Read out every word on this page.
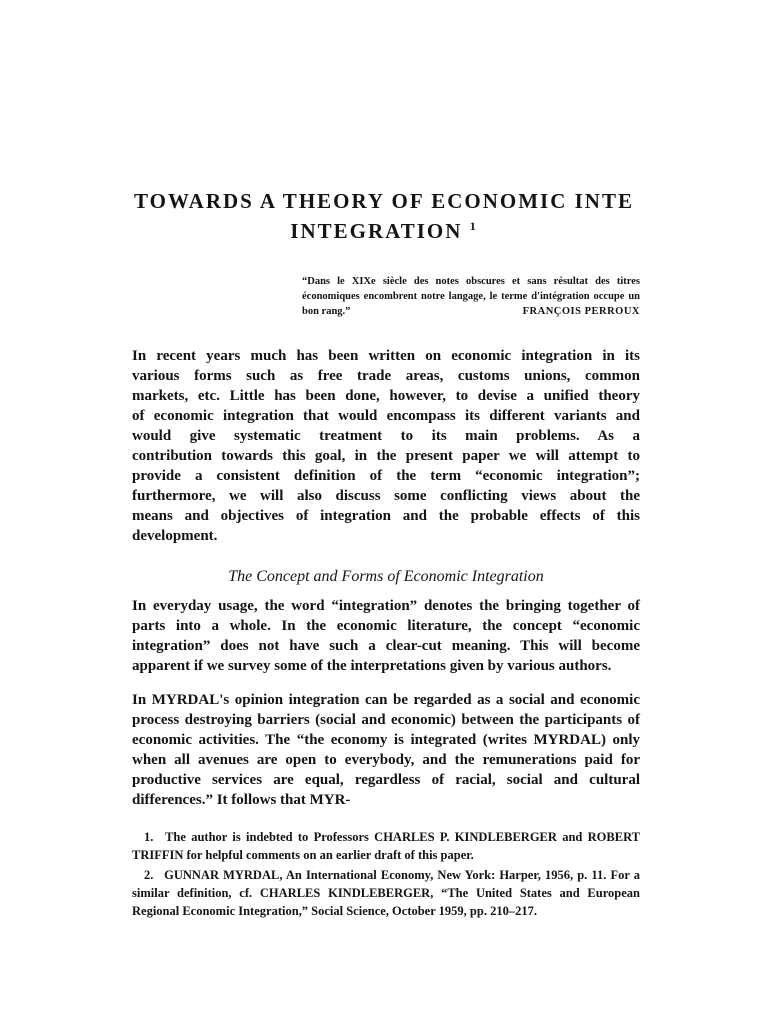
TOWARDS A THEORY OF ECONOMIC INTE
INTEGRATION $^1$
“Dans le XIXe siècle des notes obscures et sans résultat des titres économiques encombrent notre langage, le terme d'intégration occupe un bon rang.”	FRANÇOIS PERROUX
In recent years much has been written on economic integration in its
various forms such as free trade areas, customs unions, common
markets, etc. Little has been done, however, to devise a unified theory
of economic integration that would encompass its different variants and
would give systematic treatment to its main problems. As a
contribution towards this goal, in the present paper we will attempt to
provide a consistent definition of the term “economic integration”;
furthermore, we will also discuss some conflicting views about the
means and objectives of integration and the probable effects of this
development.
The Concept and Forms of Economic Integration
In everyday usage, the word “integration” denotes the bringing together of parts into a whole. In the economic literature, the concept “economic integration” does not have such a clear-cut meaning. This will become apparent if we survey some of the interpretations given by various authors.
In MYRDAL's opinion integration can be regarded as a social and economic process destroying barriers (social and economic) between the participants of economic activities. The “the economy is integrated (writes MYRDAL) only when all avenues are open to everybody, and the remunerations paid for productive services are equal, regardless of racial, social and cultural differences.” It follows that MYR-

1. The author is indebted to Professors CHARLES P. KINDLEBERGER and ROBERT TRIFFIN for helpful comments on an earlier draft of this paper.

2. GUNNAR MYRDAL, An International Economy, New York: Harper, 1956, p. 11. For a similar definition, cf. CHARLES KINDLEBERGER, “The United States and European Regional Economic Integration,” Social Science, October 1959, pp. 210–217.
